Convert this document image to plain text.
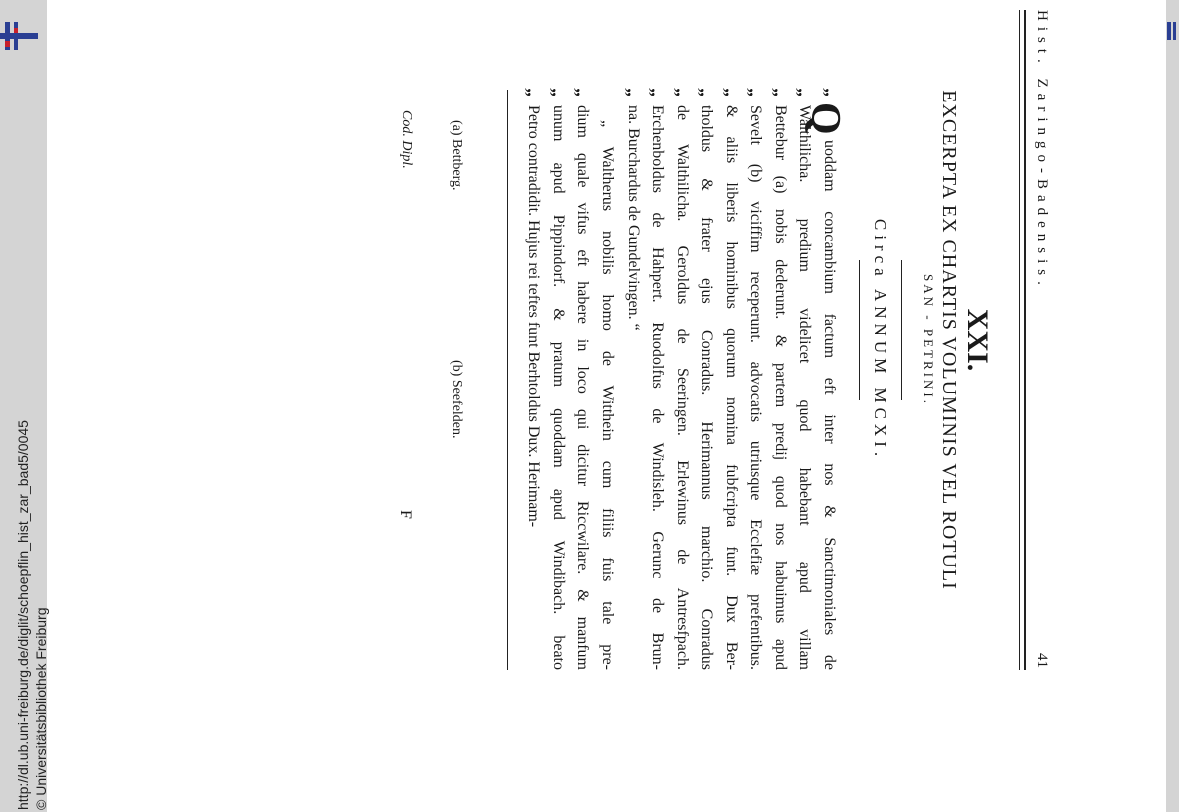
http://dl.ub.uni-freiburg.de/diglit/schoepflin_hist_zar_bad5/0045 © Universitätsbibliothek Freiburg
Hist. Zaringo-Badensis.
41
XXI.
EXCERPTA EX CHARTIS VOLUMINIS VEL ROTULI
SAN - PETRINI.
Circa ANNUM MCXI.
„
Q
uoddam concambium factum eft inter nos & Sanctimoniales de
Walthilicha. predium videlicet quod habebant apud villam
„
Bettebur (a) nobis dederunt. & partem predij quod nos habuimus apud
„
Sevelt (b) viciffim receperunt. advocatis utriusque Ecclefiæ prefentibus.
„
& aliis liberis hominibus quorum nomina fubfcripta funt. Dux Ber-
„
tholdus & frater ejus Conradus. Herimannus marchio. Conradus
„
de Walthilicha. Geroldus de Seeringen. Erlewinus de Antresfpach.
„
Erchenboldus de Hahpert. Ruodolfus de Windisleh. Gerunc de Brun-
„
na. Burchardus de Gundelvingen. “
„
„ Waltherus nobilis homo de Witthein cum filiis fuis tale pre-
dium quale vifus eft habere in loco qui dicitur Riccwilare. & manfum
„
unum apud Pippindorf. & pratum quoddam apud Windibach. beato
„
Petro contradidit. Hujus rei teftes funt Berhtoldus Dux. Herimam-
„
(a) Bettberg.
(b) Seefelden.
Cod. Dipl.
F
